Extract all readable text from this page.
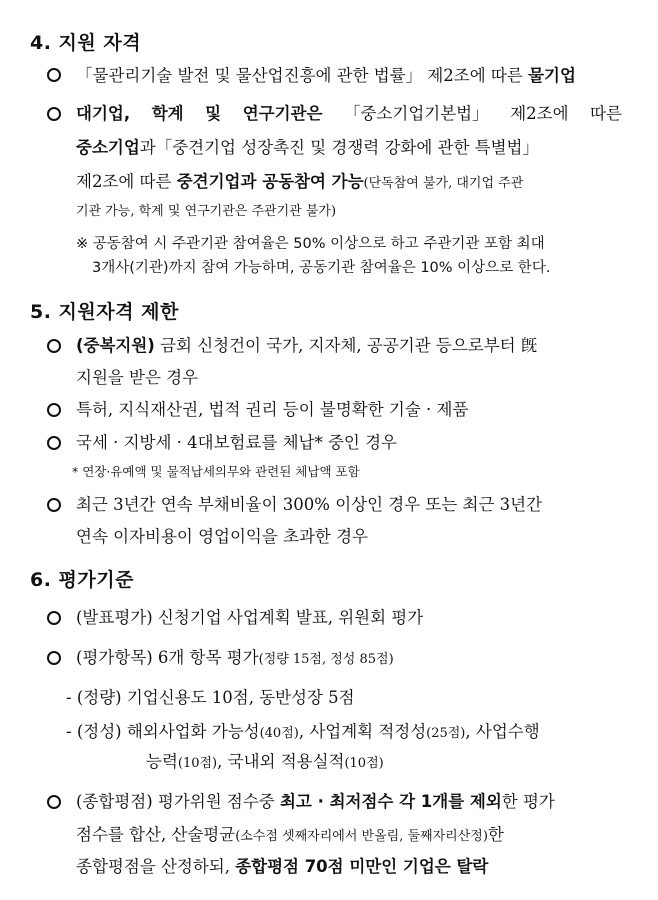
4. 지원 자격
「물관리기술 발전 및 물산업진흥에 관한 법률」 제2조에 따른 물기업
대기업, 학계 및 연구기관은 「중소기업기본법」 제2조에 따른
중소기업과「중견기업 성장촉진 및 경쟁력 강화에 관한 특별법」
제2조에 따른 중견기업과 공동참여 가능(단독참여 불가, 대기업 주관
기관 가능, 학계 및 연구기관은 주관기관 불가)
※ 공동참여 시 주관기관 참여율은 50% 이상으로 하고 주관기관 포함 최대
3개사(기관)까지 참여 가능하며, 공동기관 참여율은 10% 이상으로 한다.
5. 지원자격 제한
(중복지원) 금회 신청건이 국가, 지자체, 공공기관 등으로부터 旣
지원을 받은 경우
특허, 지식재산권, 법적 권리 등이 불명확한 기술 · 제품
국세 · 지방세 · 4대보험료를 체납* 중인 경우
* 연장·유예액 및 물적납세의무와 관련된 체납액 포함
최근 3년간 연속 부채비율이 300% 이상인 경우 또는 최근 3년간
연속 이자비용이 영업이익을 초과한 경우
6. 평가기준
(발표평가) 신청기업 사업계획 발표, 위원회 평가
(평가항목) 6개 항목 평가(정량 15점, 정성 85점)
- (정량) 기업신용도 10점, 동반성장 5점
- (정성) 해외사업화 가능성(40점), 사업계획 적정성(25점), 사업수행
능력(10점), 국내외 적용실적(10점)
(종합평점) 평가위원 점수중 최고 · 최저점수 각 1개를 제외한 평가
점수를 합산, 산술평균(소수점 셋째자리에서 반올림, 둘째자리산정)한
종합평점을 산정하되, 종합평점 70점 미만인 기업은 탈락
